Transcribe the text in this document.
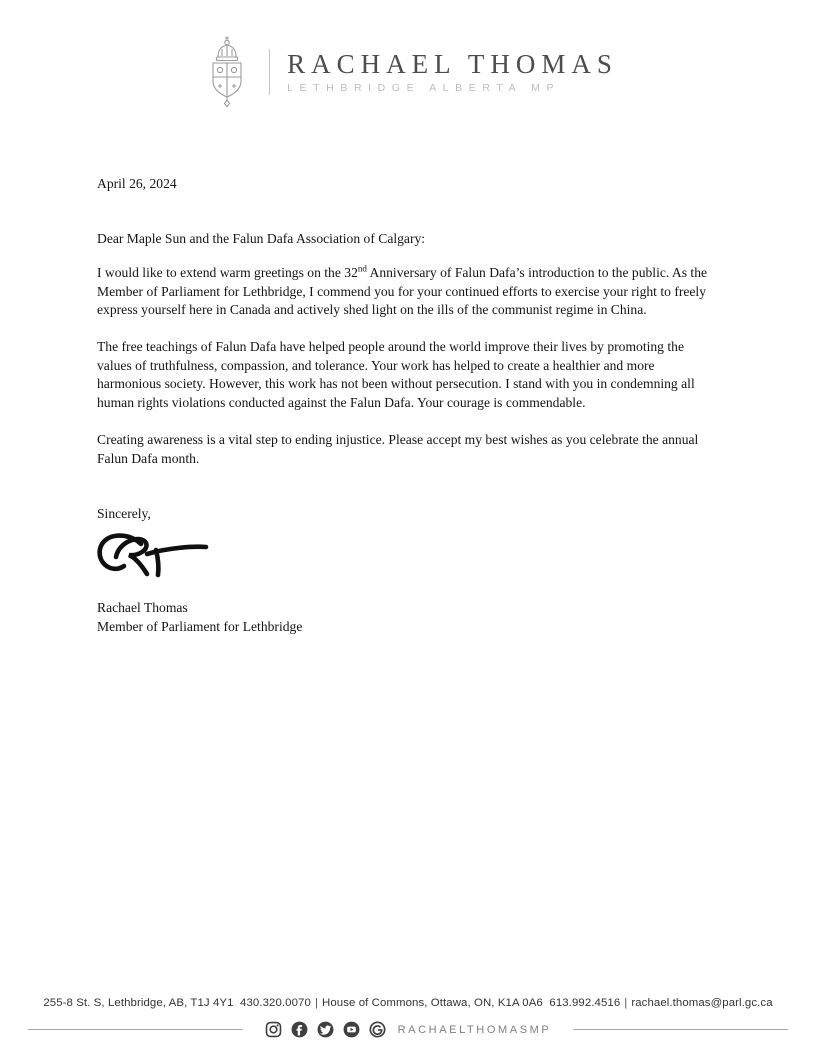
RACHAEL THOMAS
LETHBRIDGE ALBERTA MP

April 26, 2024

Dear Maple Sun and the Falun Dafa Association of Calgary:

I would like to extend warm greetings on the 32nd Anniversary of Falun Dafa’s introduction to the public. As the Member of Parliament for Lethbridge, I commend you for your continued efforts to exercise your right to freely express yourself here in Canada and actively shed light on the ills of the communist regime in China.

The free teachings of Falun Dafa have helped people around the world improve their lives by promoting the values of truthfulness, compassion, and tolerance. Your work has helped to create a healthier and more harmonious society. However, this work has not been without persecution. I stand with you in condemning all human rights violations conducted against the Falun Dafa. Your courage is commendable.

Creating awareness is a vital step to ending injustice. Please accept my best wishes as you celebrate the annual Falun Dafa month.

Sincerely,

Rachael Thomas
Member of Parliament for Lethbridge
255-8 St. S, Lethbridge, AB, T1J 4Y1  430.320.0070 | House of Commons, Ottawa, ON, K1A 0A6  613.992.4516 | rachael.thomas@parl.gc.ca
RACHAELTHOMASMP
